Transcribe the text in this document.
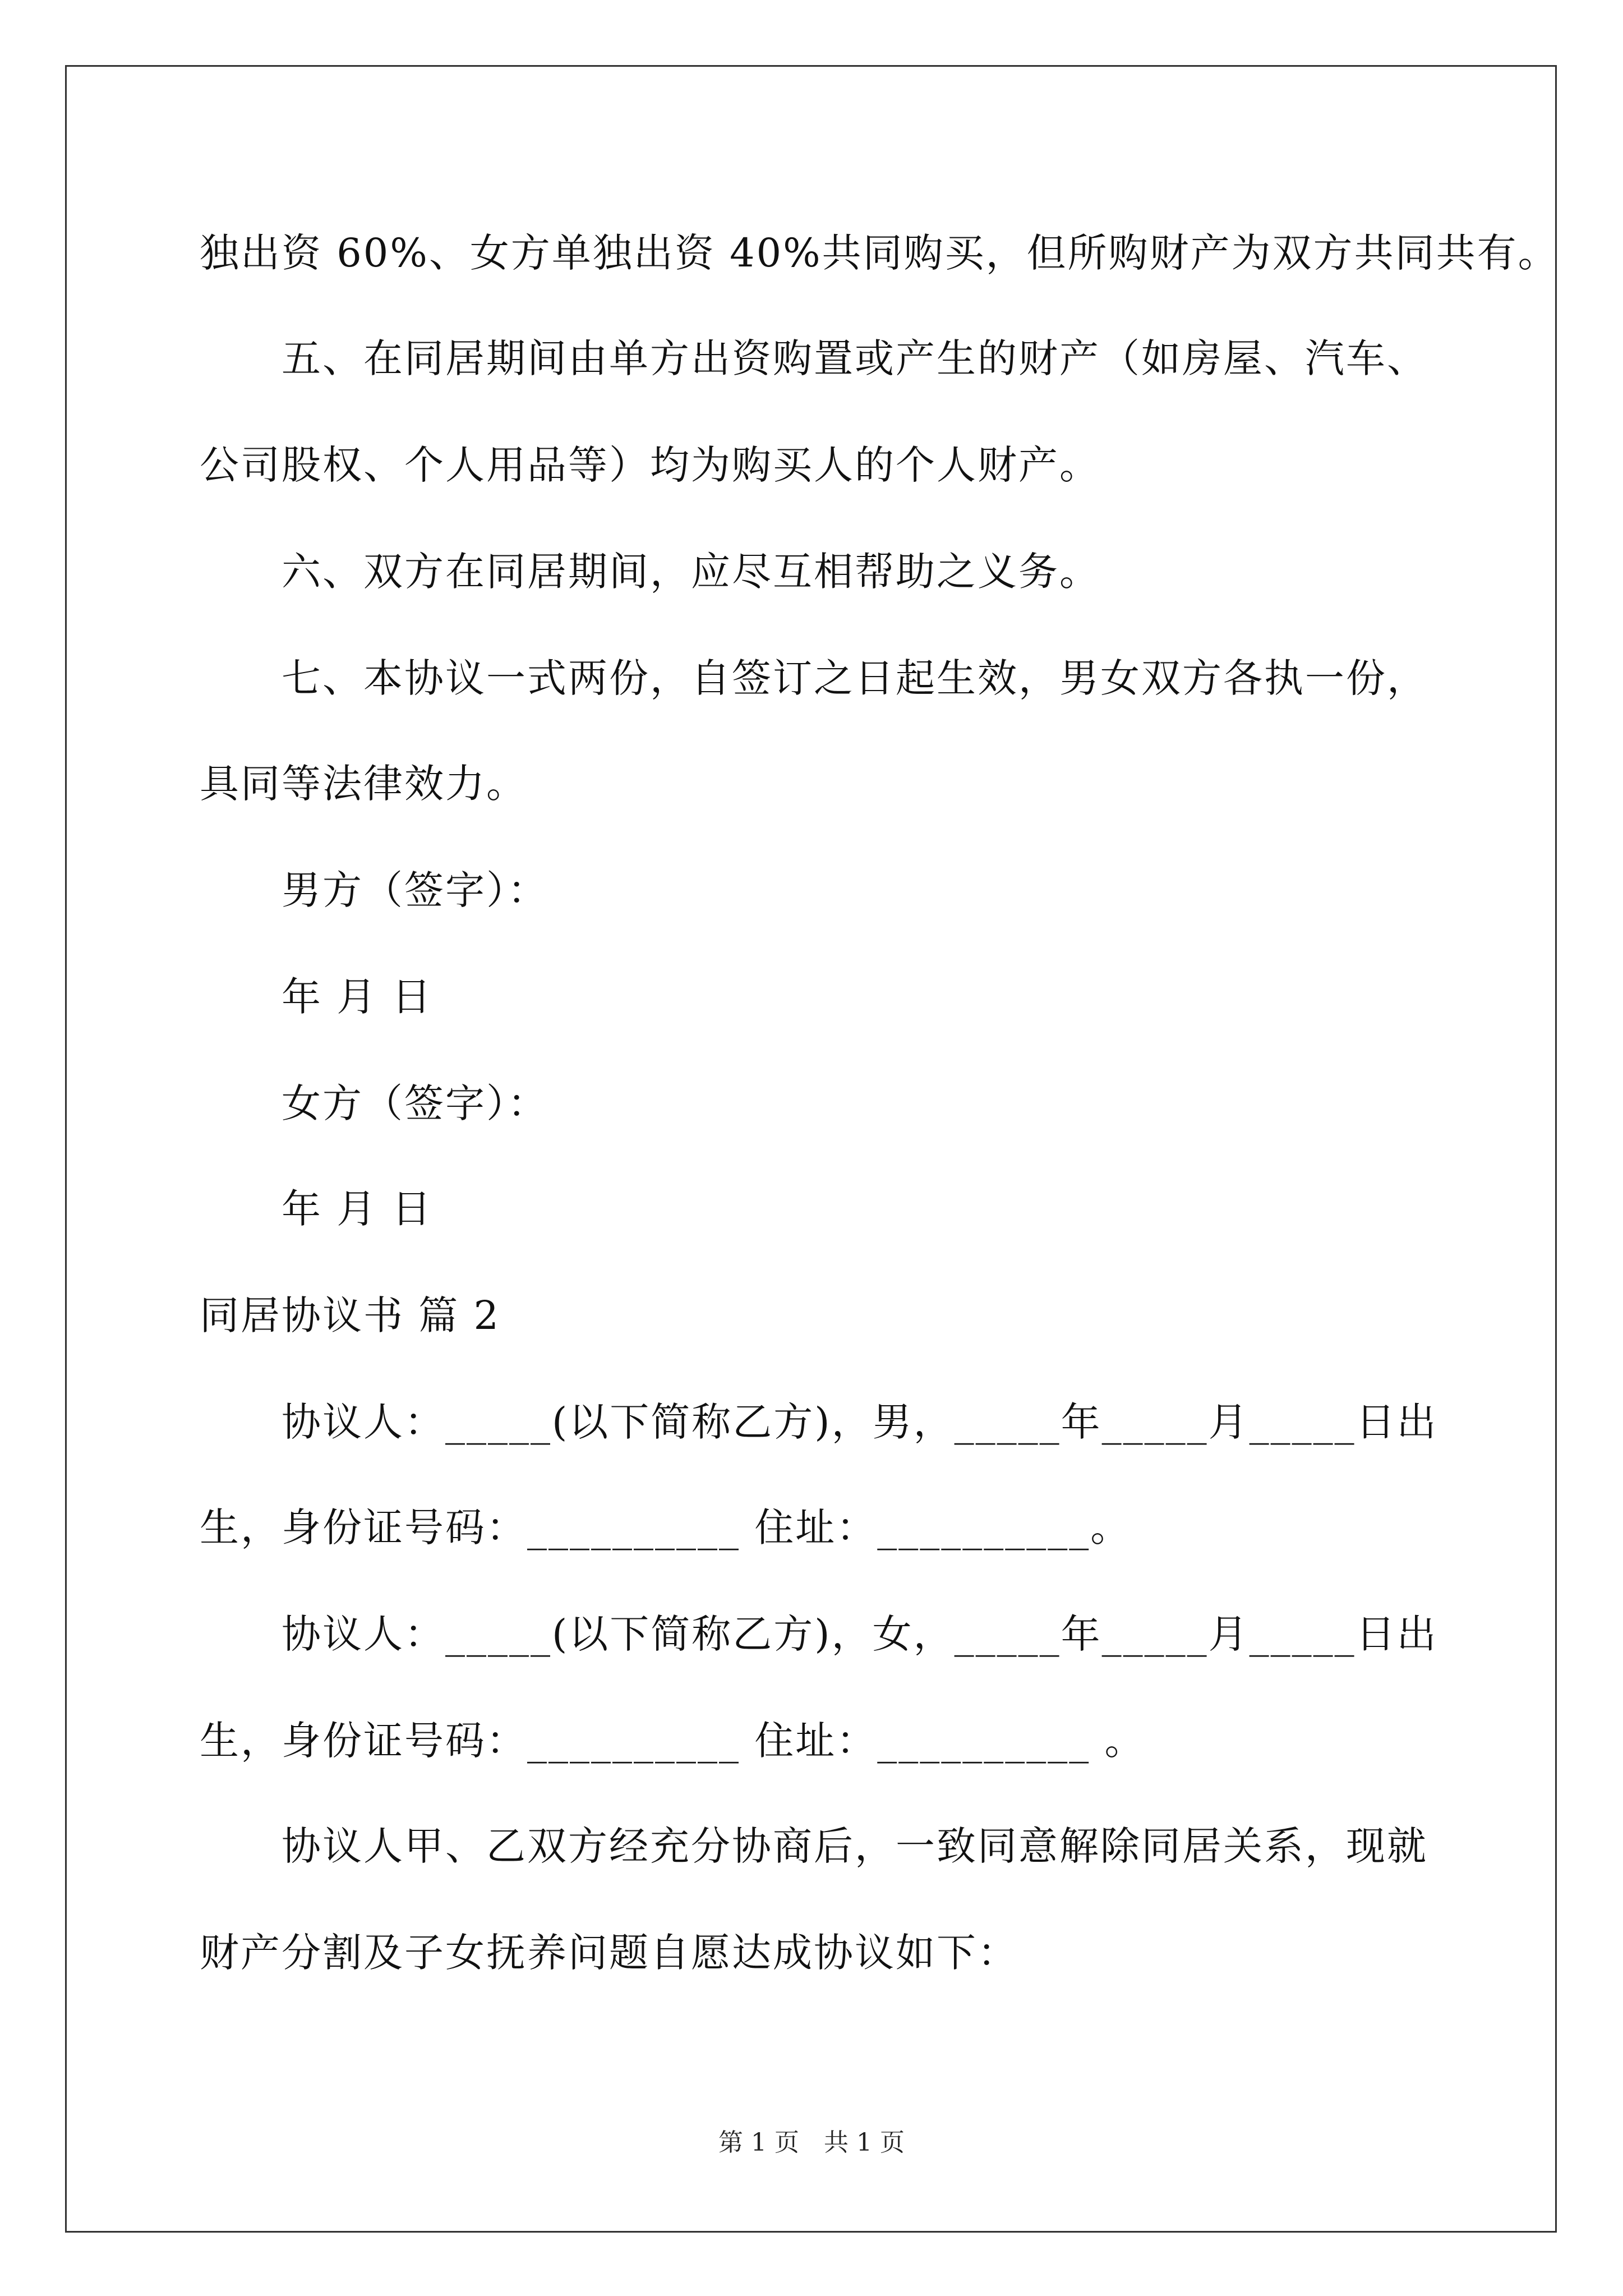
独出资 60%、女方单独出资 40%共同购买，但所购财产为双方共同共有。
五、在同居期间由单方出资购置或产生的财产（如房屋、汽车、
公司股权、个人用品等）均为购买人的个人财产。
六、双方在同居期间，应尽互相帮助之义务。
七、本协议一式两份，自签订之日起生效，男女双方各执一份，
具同等法律效力。
男方（签字）：
年 月 日
女方（签字）：
年 月 日
同居协议书 篇 2
协议人：_____(以下简称乙方)，男，_____年_____月_____日出
生，身份证号码：__________ 住址：__________。
协议人：_____(以下简称乙方)，女，_____年_____月_____日出
生，身份证号码：__________ 住址：__________ 。
协议人甲、乙双方经充分协商后，一致同意解除同居关系，现就
财产分割及子女抚养问题自愿达成协议如下：
第 1 页　共 1 页
